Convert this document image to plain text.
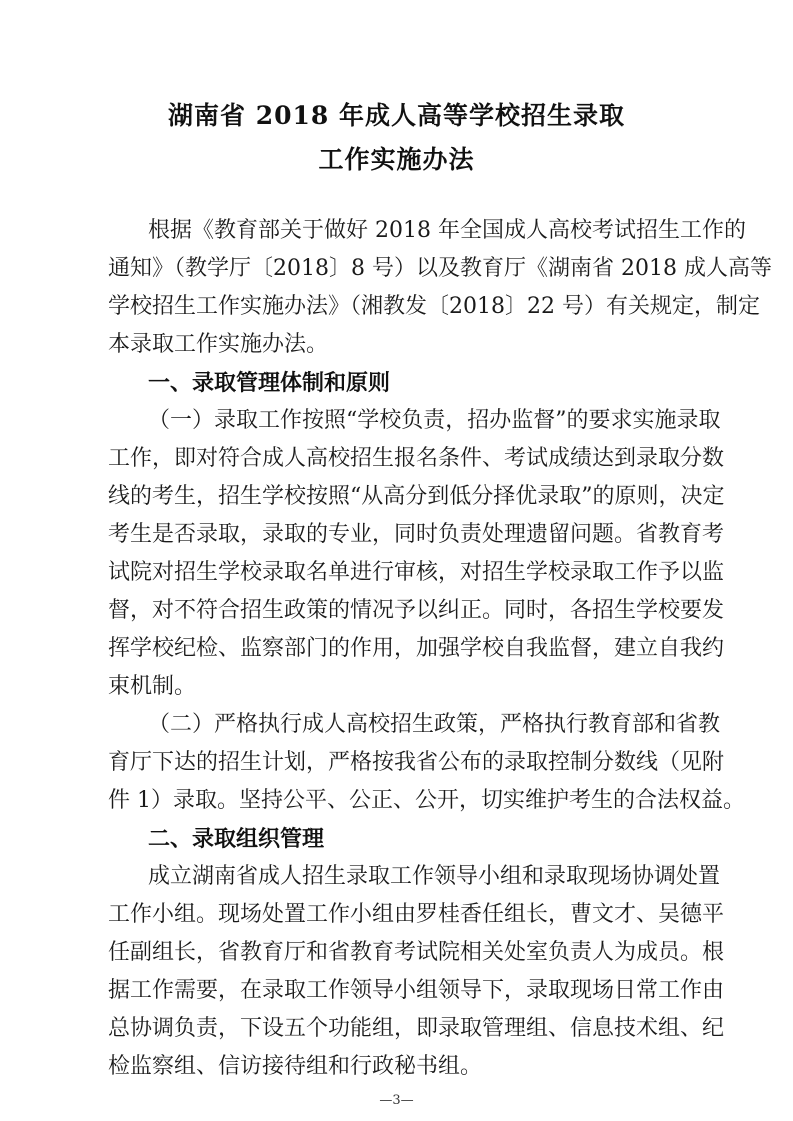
湖南省 2018 年成人高等学校招生录取
工作实施办法
根据《教育部关于做好 2018 年全国成人高校考试招生工作的
通知》（教学厅〔2018〕8 号）以及教育厅《湖南省 2018 成人高等
学校招生工作实施办法》（湘教发〔2018〕22 号）有关规定，制定
本录取工作实施办法。
一、录取管理体制和原则
（一）录取工作按照“学校负责，招办监督”的要求实施录取
工作，即对符合成人高校招生报名条件、考试成绩达到录取分数
线的考生，招生学校按照“从高分到低分择优录取”的原则，决定
考生是否录取，录取的专业，同时负责处理遗留问题。省教育考
试院对招生学校录取名单进行审核，对招生学校录取工作予以监
督，对不符合招生政策的情况予以纠正。同时，各招生学校要发
挥学校纪检、监察部门的作用，加强学校自我监督，建立自我约
束机制。
（二）严格执行成人高校招生政策，严格执行教育部和省教
育厅下达的招生计划，严格按我省公布的录取控制分数线（见附
件 1）录取。坚持公平、公正、公开，切实维护考生的合法权益。
二、录取组织管理
成立湖南省成人招生录取工作领导小组和录取现场协调处置
工作小组。现场处置工作小组由罗桂香任组长，曹文才、吴德平
任副组长，省教育厅和省教育考试院相关处室负责人为成员。根
据工作需要，在录取工作领导小组领导下，录取现场日常工作由
总协调负责，下设五个功能组，即录取管理组、信息技术组、纪
检监察组、信访接待组和行政秘书组。
—3—
